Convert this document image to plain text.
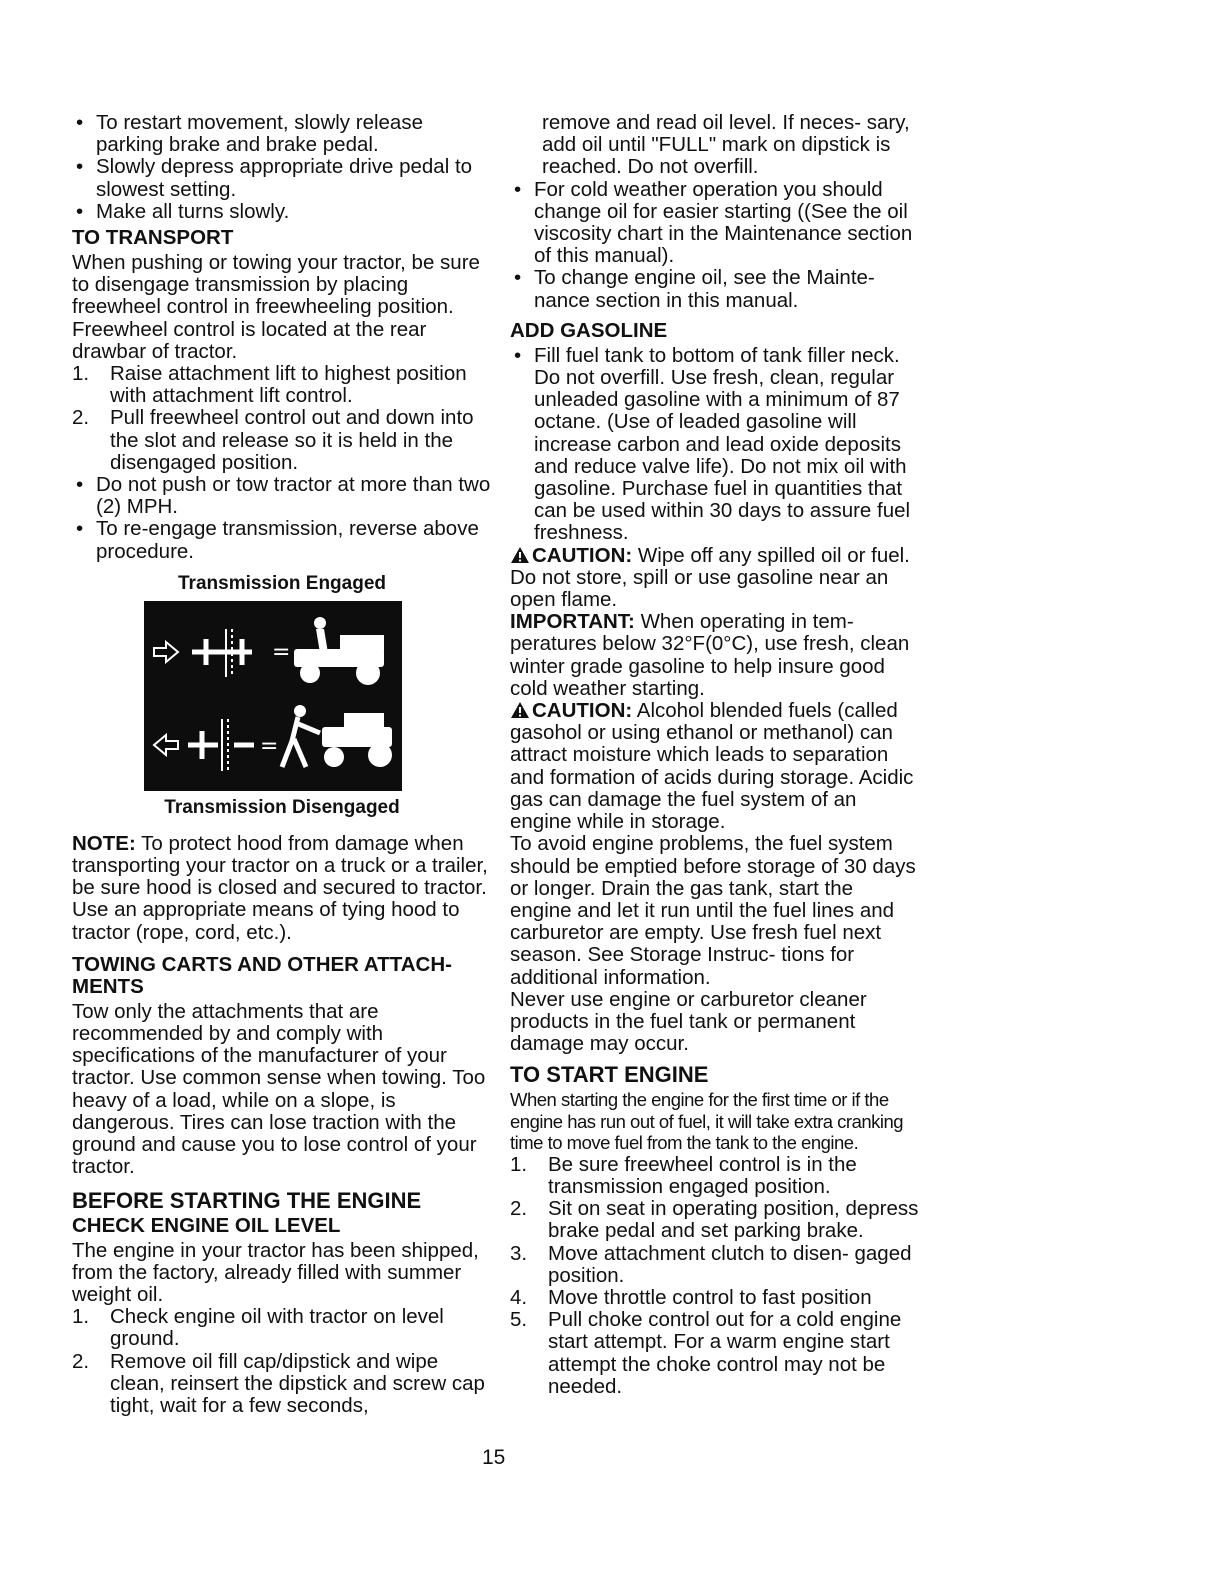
• To restart movement, slowly release parking brake and brake pedal.
• Slowly depress appropriate drive pedal to slowest setting.
• Make all turns slowly.
TO TRANSPORT

When pushing or towing your tractor, be sure to disengage transmission by placing freewheel control in freewheeling position. Freewheel control is located at the rear drawbar of tractor.

1. Raise attachment lift to highest position with attachment lift control.
2. Pull freewheel control out and down into the slot and release so it is held in the disengaged position.
• Do not push or tow tractor at more than two (2) MPH.
• To re-engage transmission, reverse above procedure.
Transmission Engaged
=
=
Transmission Disengaged

NOTE: To protect hood from damage when transporting your tractor on a truck or a trailer, be sure hood is closed and secured to tractor. Use an appropriate means of tying hood to tractor (rope, cord, etc.).

TOWING CARTS AND OTHER ATTACH- MENTS

Tow only the attachments that are recommended by and comply with specifications of the manufacturer of your tractor. Use common sense when towing. Too heavy of a load, while on a slope, is dangerous. Tires can lose traction with the ground and cause you to lose control of your tractor.

BEFORE STARTING THE ENGINE
CHECK ENGINE OIL LEVEL

The engine in your tractor has been shipped, from the factory, already filled with summer weight oil.

1. Check engine oil with tractor on level ground.
2. Remove oil fill cap/dipstick and wipe clean, reinsert the dipstick and screw cap tight, wait for a few seconds,

remove and read oil level. If neces- sary, add oil until "FULL" mark on dipstick is reached. Do not overfill.

• For cold weather operation you should change oil for easier starting ((See the oil viscosity chart in the Maintenance section of this manual).
• To change engine oil, see the Mainte- nance section in this manual.
ADD GASOLINE
• Fill fuel tank to bottom of tank filler neck. Do not overfill. Use fresh, clean, regular unleaded gasoline with a minimum of 87 octane. (Use of leaded gasoline will increase carbon and lead oxide deposits and reduce valve life). Do not mix oil with gasoline. Purchase fuel in quantities that can be used within 30 days to assure fuel freshness.

CAUTION: Wipe off any spilled oil or fuel. Do not store, spill or use gasoline near an open flame.

IMPORTANT: When operating in tem- peratures below 32°F(0°C), use fresh, clean winter grade gasoline to help insure good cold weather starting.

CAUTION: Alcohol blended fuels (called gasohol or using ethanol or methanol) can attract moisture which leads to separation and formation of acids during storage. Acidic gas can damage the fuel system of an engine while in storage.

To avoid engine problems, the fuel system should be emptied before storage of 30 days or longer. Drain the gas tank, start the engine and let it run until the fuel lines and carburetor are empty. Use fresh fuel next season. See Storage Instruc- tions for additional information.

Never use engine or carburetor cleaner products in the fuel tank or permanent damage may occur.

TO START ENGINE

When starting the engine for the first time or if the engine has run out of fuel, it will take extra cranking time to move fuel from the tank to the engine.

1. Be sure freewheel control is in the transmission engaged position.
2. Sit on seat in operating position, depress brake pedal and set parking brake.
3. Move attachment clutch to disen- gaged position.
4. Move throttle control to fast position
5. Pull choke control out for a cold engine start attempt. For a warm engine start attempt the choke control may not be needed.
15
